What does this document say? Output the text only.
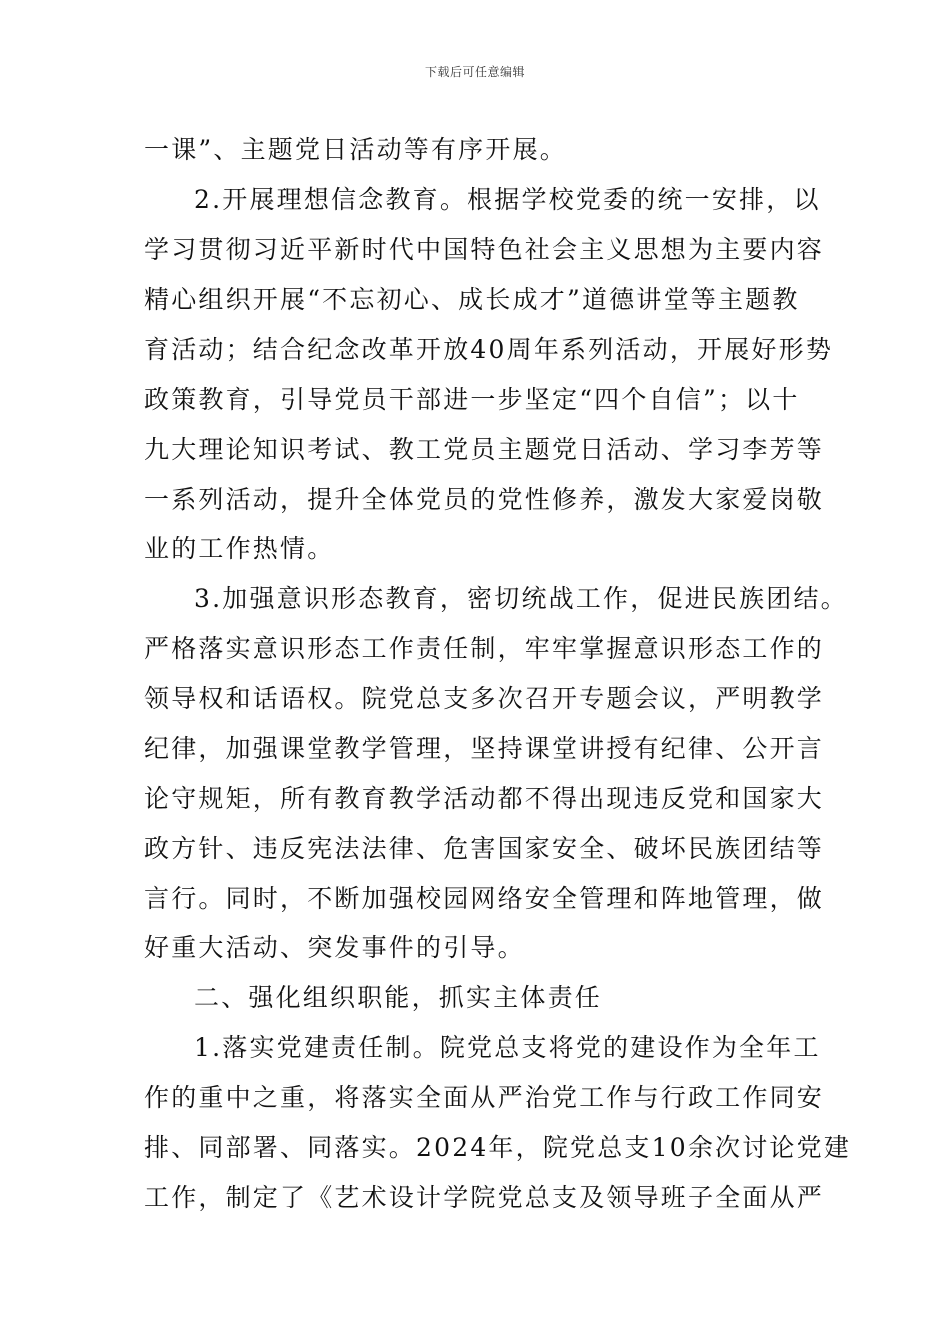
下载后可任意编辑
一课”、主题党日活动等有序开展。
2.开展理想信念教育。根据学校党委的统一安排，以
学习贯彻习近平新时代中国特色社会主义思想为主要内容
精心组织开展“不忘初心、成长成才”道德讲堂等主题教
育活动；结合纪念改革开放40周年系列活动，开展好形势
政策教育，引导党员干部进一步坚定“四个自信”；以十
九大理论知识考试、教工党员主题党日活动、学习李芳等
一系列活动，提升全体党员的党性修养，激发大家爱岗敬
业的工作热情。
3.加强意识形态教育，密切统战工作，促进民族团结。
严格落实意识形态工作责任制，牢牢掌握意识形态工作的
领导权和话语权。院党总支多次召开专题会议，严明教学
纪律，加强课堂教学管理，坚持课堂讲授有纪律、公开言
论守规矩，所有教育教学活动都不得出现违反党和国家大
政方针、违反宪法法律、危害国家安全、破坏民族团结等
言行。同时，不断加强校园网络安全管理和阵地管理，做
好重大活动、突发事件的引导。
二、强化组织职能，抓实主体责任
1.落实党建责任制。院党总支将党的建设作为全年工
作的重中之重，将落实全面从严治党工作与行政工作同安
排、同部署、同落实。2024年，院党总支10余次讨论党建
工作，制定了《艺术设计学院党总支及领导班子全面从严
